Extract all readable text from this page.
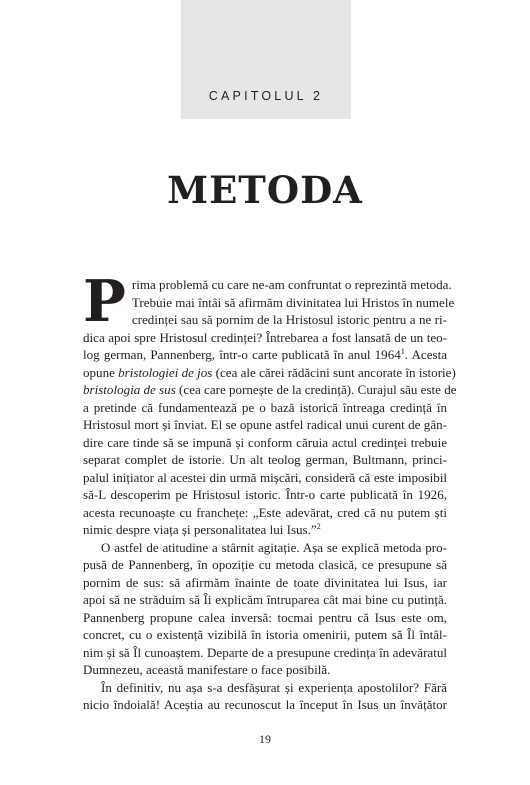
CAPITOLUL 2
METODA
P rima problemă cu care ne-am confruntat o reprezintă metoda.
Trebuie mai întâi să afirmăm divinitatea lui Hristos în numele
credinței sau să pornim de la Hristosul istoric pentru a ne ri-
dica apoi spre Hristosul credinței? Întrebarea a fost lansată de un teo-
log german, Pannenberg, într-o carte publicată în anul 1964$^1$. Acesta
opune bristologiei de jos (cea ale cărei rădăcini sunt ancorate în istorie)
bristologia de sus (cea care pornește de la credință). Curajul său este de
a pretinde că fundamentează pe o bază istorică întreaga credință în
Hristosul mort și înviat. El se opune astfel radical unui curent de gân-
dire care tinde să se impună și conform căruia actul credinței trebuie
separat complet de istorie. Un alt teolog german, Bultmann, princi-
palul inițiator al acestei din urmă mișcări, consideră că este imposibil
să-L descoperim pe Hristosul istoric. Într-o carte publicată în 1926,
acesta recunoaște cu franchețe: „Este adevărat, cred că nu putem ști
nimic despre viața și personalitatea lui Isus.”$^2$
O astfel de atitudine a stârnit agitație. Așa se explică metoda pro-
pusă de Pannenberg, în opoziție cu metoda clasică, ce presupune să
pornim de sus: să afirmăm înainte de toate divinitatea lui Isus, iar
apoi să ne străduim să Îi explicăm întruparea cât mai bine cu putință.
Pannenberg propune calea inversă: tocmai pentru că Isus este om,
concret, cu o existență vizibilă în istoria omenirii, putem să Îl întâl-
nim și să Îl cunoaștem. Departe de a presupune credința în adevăratul
Dumnezeu, această manifestare o face posibilă.
În definitiv, nu așa s-a desfășurat și experiența apostolilor? Fără
nicio îndoială! Aceștia au recunoscut la început în Isus un învățător
19
